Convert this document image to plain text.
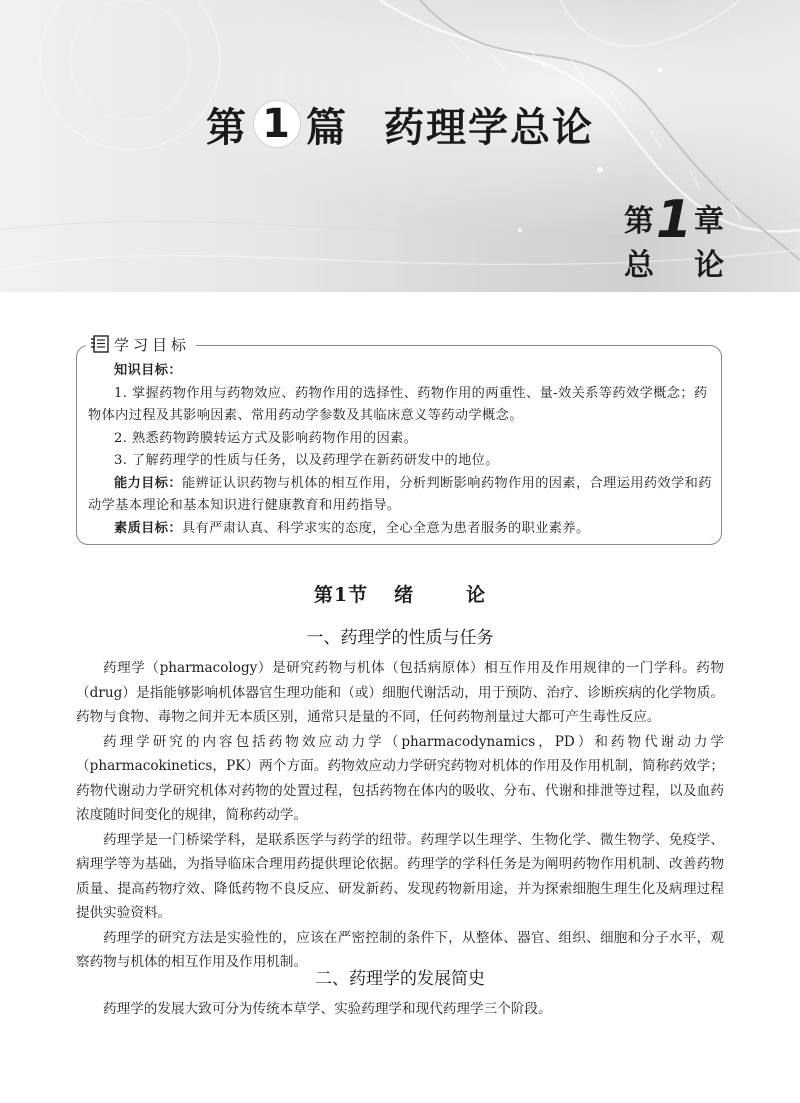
第 1 篇 药理学总论
第1章
总论
学习目标

知识目标：

1. 掌握药物作用与药物效应、药物作用的选择性、药物作用的两重性、量-效关系等药效学概念；药物体内过程及其影响因素、常用药动学参数及其临床意义等药动学概念。

2. 熟悉药物跨膜转运方式及影响药物作用的因素。

3. 了解药理学的性质与任务，以及药理学在新药研发中的地位。

能力目标：能辨证认识药物与机体的相互作用，分析判断影响药物作用的因素，合理运用药效学和药动学基本理论和基本知识进行健康教育和用药指导。

素质目标：具有严肃认真、科学求实的态度，全心全意为患者服务的职业素养。

第1节 绪	论
一、药理学的性质与任务

药理学（pharmacology）是研究药物与机体（包括病原体）相互作用及作用规律的一门学科。药物（drug）是指能够影响机体器官生理功能和（或）细胞代谢活动，用于预防、治疗、诊断疾病的化学物质。药物与食物、毒物之间并无本质区别，通常只是量的不同，任何药物剂量过大都可产生毒性反应。

药理学研究的内容包括药物效应动力学（pharmacodynamics，PD）和药物代谢动力学（pharmacokinetics，PK）两个方面。药物效应动力学研究药物对机体的作用及作用机制，简称药效学；药物代谢动力学研究机体对药物的处置过程，包括药物在体内的吸收、分布、代谢和排泄等过程，以及血药浓度随时间变化的规律，简称药动学。

药理学是一门桥梁学科，是联系医学与药学的纽带。药理学以生理学、生物化学、微生物学、免疫学、病理学等为基础，为指导临床合理用药提供理论依据。药理学的学科任务是为阐明药物作用机制、改善药物质量、提高药物疗效、降低药物不良反应、研发新药、发现药物新用途，并为探索细胞生理生化及病理过程提供实验资料。

药理学的研究方法是实验性的，应该在严密控制的条件下，从整体、器官、组织、细胞和分子水平，观察药物与机体的相互作用及作用机制。

二、药理学的发展简史

药理学的发展大致可分为传统本草学、实验药理学和现代药理学三个阶段。
